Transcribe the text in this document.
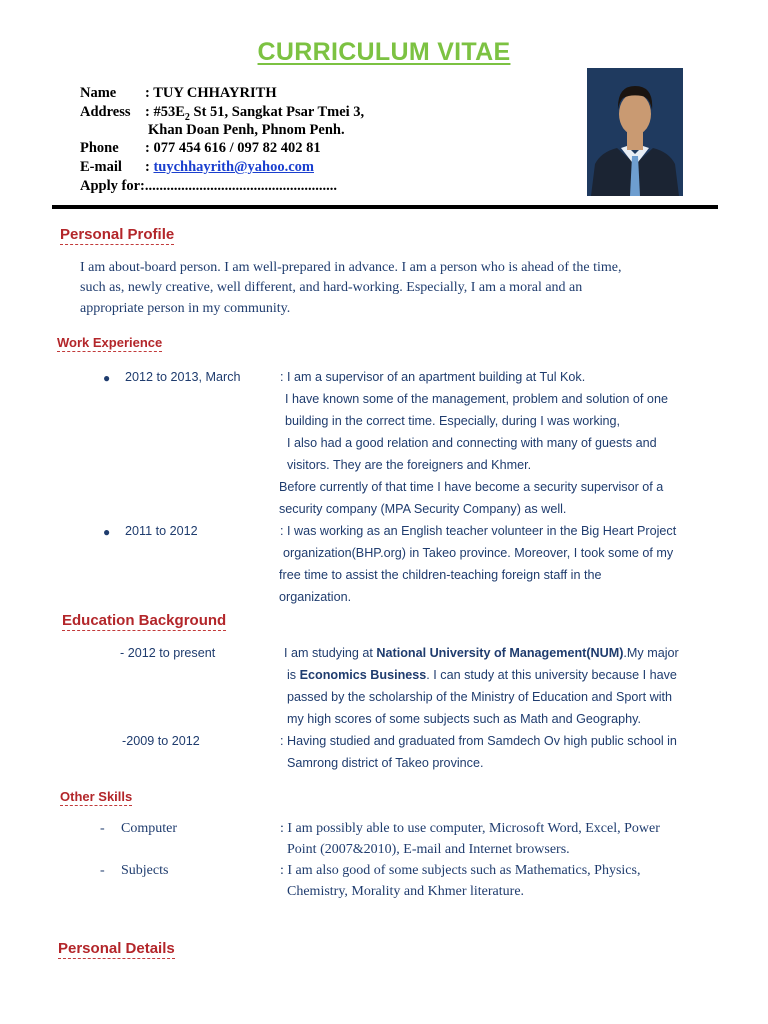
CURRICULUM VITAE
Name : TUY CHHAYRITH
Address : $\#53E_2$ St 51, Sangkat Psar Tmei 3,
Khan Doan Penh, Phnom Penh.
Phone : 077 454 616 / 097 82 402 81
E-mail : tuychhayrith@yahoo.com
Apply for:.....................................................
Personal Profile
I am about-board person. I am well-prepared in advance. I am a person who is ahead of the time,
such as, newly creative, well different, and hard-working. Especially, I am a moral and an
appropriate person in my community.
Work Experience
● 2012 to 2013, March	: I am a supervisor of an apartment building at Tul Kok.
I have known some of the management, problem and solution of one
building in the correct time. Especially, during I was working,
I also had a good relation and connecting with many of guests and
visitors. They are the foreigners and Khmer.
Before currently of that time I have become a security supervisor of a
security company (MPA Security Company) as well.
● 2011 to 2012	: I was working as an English teacher volunteer in the Big Heart Project
organization(BHP.org) in Takeo province. Moreover, I took some of my
free time to assist the children-teaching foreign staff in the
organization.
Education Background
- 2012 to present	I am studying at National University of Management(NUM).My major
is Economics Business. I can study at this university because I have
passed by the scholarship of the Ministry of Education and Sport with
my high scores of some subjects such as Math and Geography.
-2009 to 2012	: Having studied and graduated from Samdech Ov high public school in
Samrong district of Takeo province.
Other Skills
- Computer	: I am possibly able to use computer, Microsoft Word, Excel, Power
Point (2007&2010), E-mail and Internet browsers.
- Subjects	: I am also good of some subjects such as Mathematics, Physics,
Chemistry, Morality and Khmer literature.
Personal Details
